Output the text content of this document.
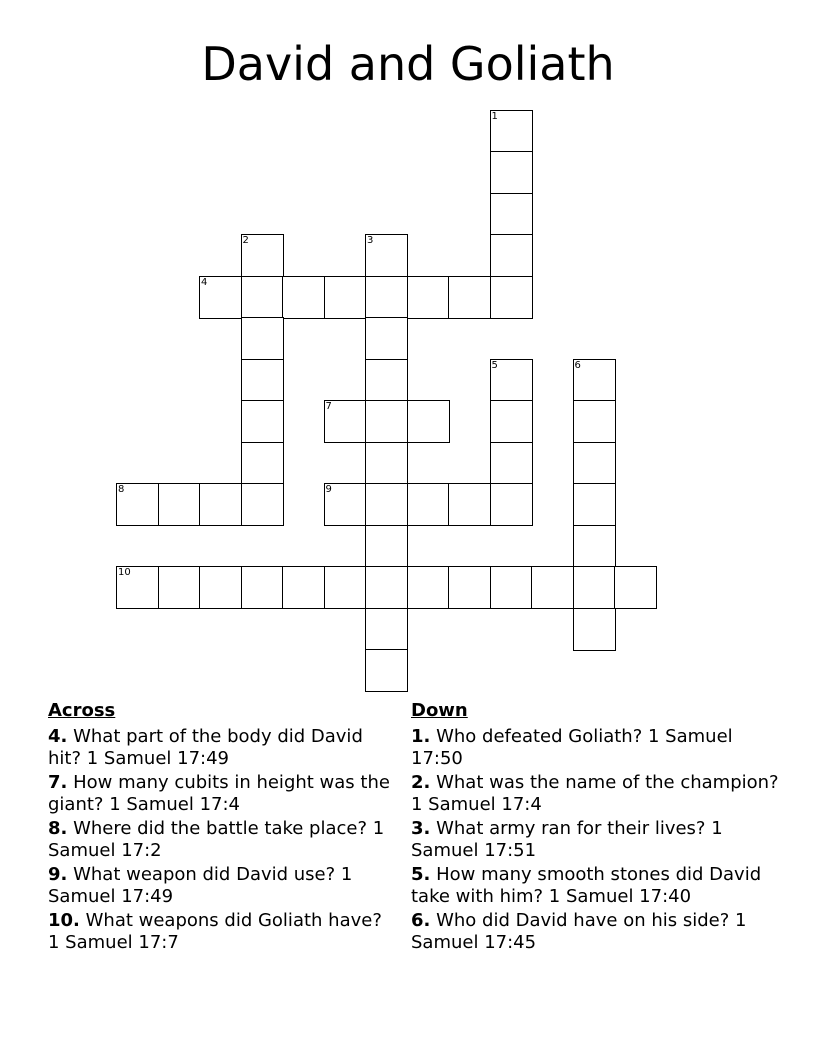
David and Goliath
1
2	3
4
5	6
7
8	9
10
Across
4. What part of the body did David hit? 1 Samuel 17:49
7. How many cubits in height was the giant? 1 Samuel 17:4
8. Where did the battle take place? 1 Samuel 17:2
9. What weapon did David use? 1 Samuel 17:49
10. What weapons did Goliath have? 1 Samuel 17:7
Down
1. Who defeated Goliath? 1 Samuel 17:50
2. What was the name of the champion? 1 Samuel 17:4
3. What army ran for their lives? 1 Samuel 17:51
5. How many smooth stones did David take with him? 1 Samuel 17:40
6. Who did David have on his side? 1 Samuel 17:45
